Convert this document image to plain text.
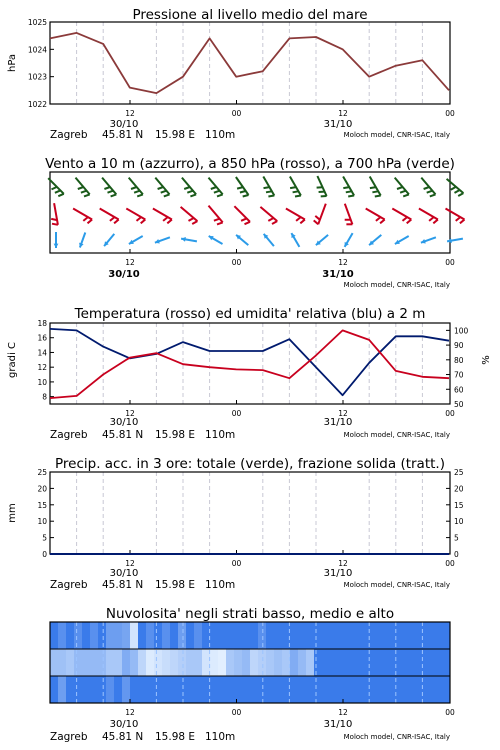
Pressione al livello medio del mare
hPa
12	00	12	00
1022
1023
1024
1025
30/10	31/10
Zagreb 45.81 N 15.98 E 110m	Moloch model, CNR-ISAC, Italy
Vento a 10 m (azzurro), a 850 hPa (rosso), a 700 hPa (verde)
12	00	12	00
30/10	31/10
Moloch model, CNR-ISAC, Italy
Temperatura (rosso) ed umidita' relativa (blu) a 2 m
gradi C	%
12	00	12	00
8
10
12
14
16
18
50
60
70
80
90
100
30/10	31/10
Zagreb 45.81 N 15.98 E 110m	Moloch model, CNR-ISAC, Italy
Precip. acc. in 3 ore: totale (verde), frazione solida (tratt.)
mm
12	00	12	00
0
5
10
15
20
25
0
5
10
15
20
25
30/10	31/10
Zagreb 45.81 N 15.98 E 110m	Moloch model, CNR-ISAC, Italy
Nuvolosita' negli strati basso, medio e alto
12	00	12	00
30/10	31/10
Zagreb 45.81 N 15.98 E 110m	Moloch model, CNR-ISAC, Italy
